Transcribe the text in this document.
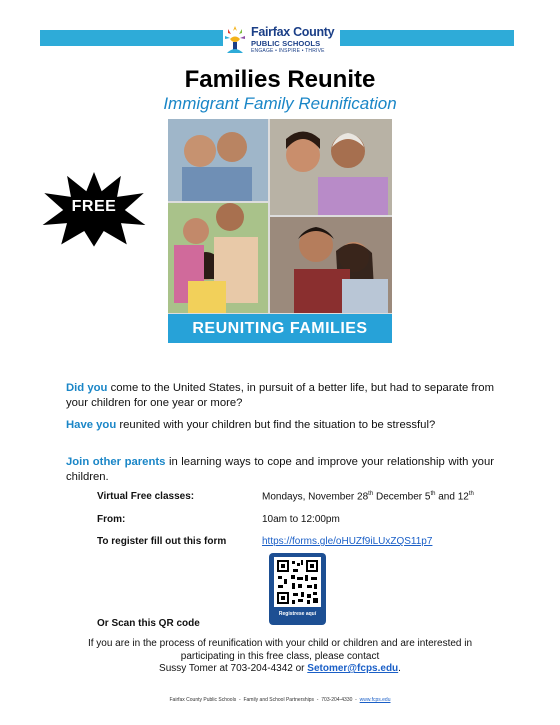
Fairfax County
PUBLIC SCHOOLS
ENGAGE • INSPIRE • THRIVE
Families Reunite
Immigrant Family Reunification
REUNITING FAMILIES
FREE
Did you come to the United States, in pursuit of a better life, but had to separate from your children for one year or more?
Have you reunited with your children but find the situation to be stressful?
Join other parents in learning ways to cope and improve your relationship with your children.
Virtual Free classes:	Mondays, November 28th December 5th and 12th
From:	10am to 12:00pm
To register fill out this form	https://forms.gle/oHUZf9iLUxZQS11p7
Registrese aquí
Or Scan this QR code
If you are in the process of reunification with your child or children and are interested in
participating in this free class, please contact
Sussy Tomer at 703-204-4342 or Setomer@fcps.edu.
Fairfax County Public Schools  -  Family and School Partnerships  -  703-204-4330  -  www.fcps.edu
